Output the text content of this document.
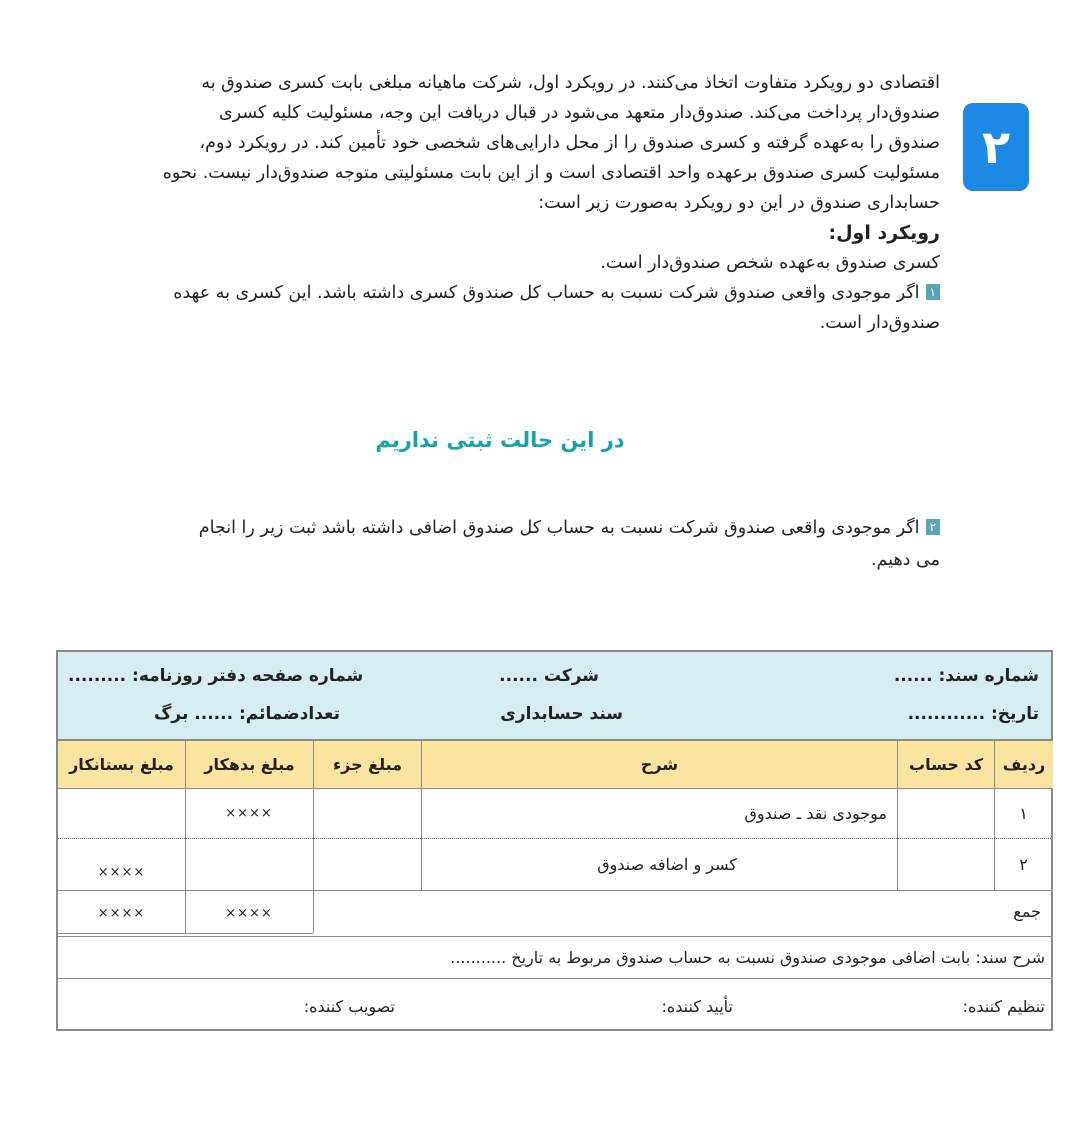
۲

اقتصادی دو رویکرد متفاوت اتخاذ می‌کنند. در رویکرد اول، شرکت ماهیانه مبلغی بابت کسری صندوق به

صندوق‌دار پرداخت می‌کند. صندوق‌دار متعهد می‌شود در قبال دریافت این وجه، مسئولیت کلیه کسری

صندوق را به‌عهده گرفته و کسری صندوق را از محل دارایی‌های شخصی خود تأمین کند. در رویکرد دوم،

مسئولیت کسری صندوق برعهده واحد اقتصادی است و از این بابت مسئولیتی متوجه صندوق‌دار نیست. نحوه

حسابداری صندوق در این دو رویکرد به‌صورت زیر است:

رویکرد اول:

کسری صندوق به‌عهده شخص صندوق‌دار است.

۱اگر موجودی واقعی صندوق شرکت نسبت به حساب کل صندوق کسری داشته باشد. این کسری به عهده

صندوق‌دار است.

در این حالت ثبتی نداریم

۲اگر موجودی واقعی صندوق شرکت نسبت به حساب کل صندوق اضافی داشته باشد ثبت زیر را انجام

می دهیم.

شماره سند: ......
تاریخ: ............
شرکت ......
سند حسابداری
شماره صفحه دفتر روزنامه: .........
تعدادضمائم: ...... برگ
ردیف
کد حساب
شرح
مبلغ جزء
مبلغ بدهکار
مبلغ بستانکار
۱
موجودی نقد ـ صندوق
××××
۲
کسر و اضافه صندوق
××××
جمع
××××
××××
شرح سند: بابت اضافی موجودی صندوق نسبت به حساب صندوق مربوط به تاریخ ...........
تنظیم کننده:
تأیید کننده:
تصویب کننده:
